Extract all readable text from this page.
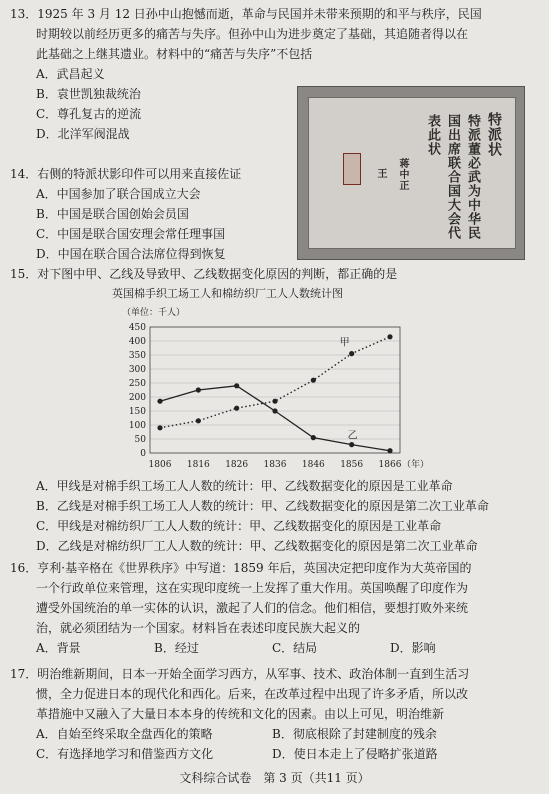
13．1925 年 3 月 12 日孙中山抱憾而逝，革命与民国并未带来预期的和平与秩序，民国
时期较以前经历更多的痛苦与失序。但孙中山为进步奠定了基础，其追随者得以在
此基础之上继其遗业。材料中的“痛苦与失序”不包括
A．武昌起义
B．袁世凯独裁统治
C．尊孔复古的逆流
D．北洋军阀混战
14．右侧的特派状影印件可以用来直接佐证
A．中国参加了联合国成立大会
B．中国是联合国创始会员国
C．中国是联合国安理会常任理事国
D．中国在联合国合法席位得到恢复
特派状
特派董必武为中华民
国出席联合国大会代
表此状
蒋中正
王
15．对下图中甲、乙线及导致甲、乙线数据变化原因的判断，都正确的是
英国棉手织工场工人和棉纺织厂工人人数统计图
（单位：千人）
0
50
100
150
200
250
300
350
400
450
1806 1816 1826 1836 1846 1856 1866 （年）
甲
乙
A．甲线是对棉手织工场工人人数的统计：甲、乙线数据变化的原因是工业革命
B．乙线是对棉手织工场工人人数的统计：甲、乙线数据变化的原因是第二次工业革命
C．甲线是对棉纺织厂工人人数的统计：甲、乙线数据变化的原因是工业革命
D．乙线是对棉纺织厂工人人数的统计：甲、乙线数据变化的原因是第二次工业革命
16．亨利·基辛格在《世界秩序》中写道：1859 年后，英国决定把印度作为大英帝国的
一个行政单位来管理，这在实现印度统一上发挥了重大作用。英国唤醒了印度作为
遭受外国统治的单一实体的认识，激起了人们的信念。他们相信，要想打败外来统
治，就必须团结为一个国家。材料旨在表述印度民族大起义的
A．背景	B．经过	C．结局	D．影响
17．明治维新期间，日本一开始全面学习西方，从军事、技术、政治体制一直到生活习
惯，全力促进日本的现代化和西化。后来，在改革过程中出现了许多矛盾，所以改
革措施中又融入了大量日本本身的传统和文化的因素。由以上可见，明治维新
A．自始至终采取全盘西化的策略	B．彻底根除了封建制度的残余
C．有选择地学习和借鉴西方文化	D．使日本走上了侵略扩张道路
文科综合试卷　第 3 页（共11 页）
